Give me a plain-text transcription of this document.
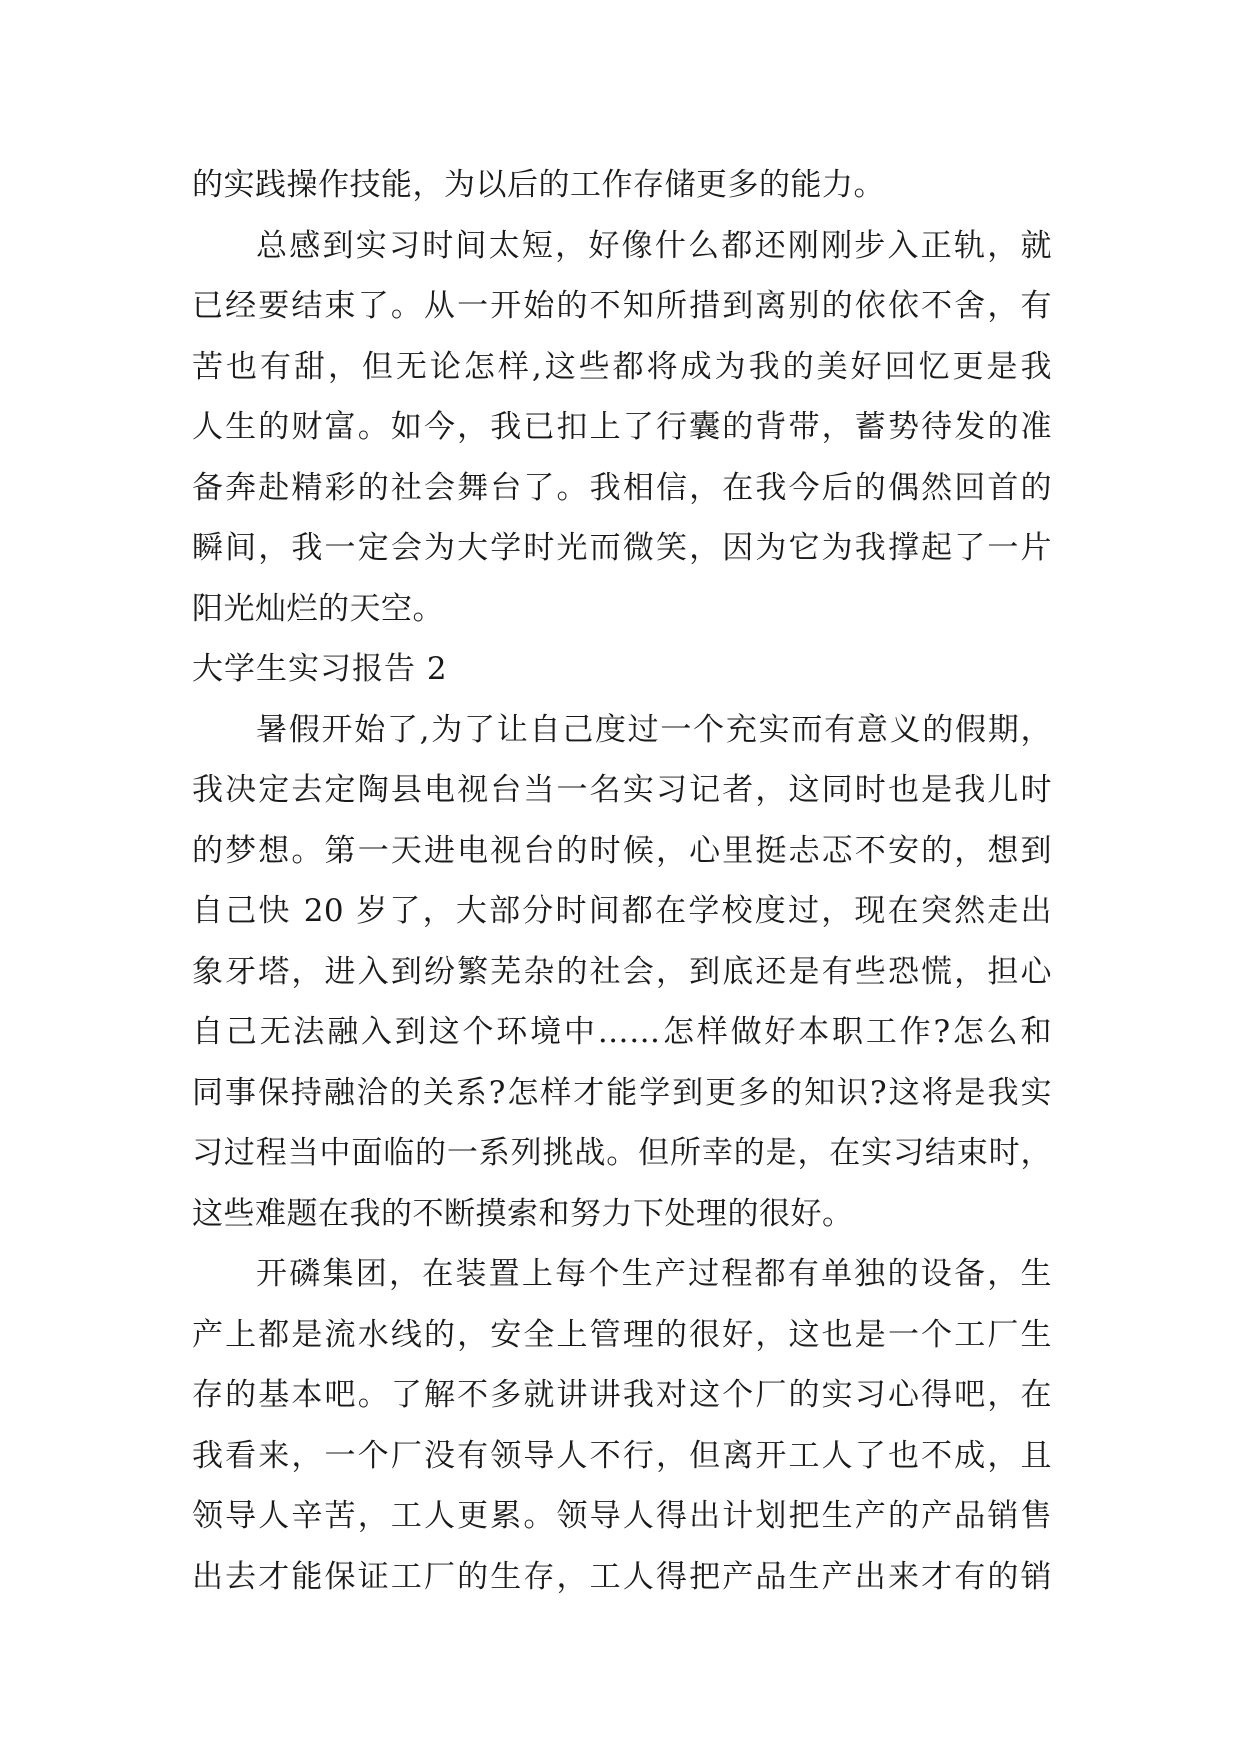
的实践操作技能，为以后的工作存储更多的能力。
总感到实习时间太短，好像什么都还刚刚步入正轨，就
已经要结束了。从一开始的不知所措到离别的依依不舍，有
苦也有甜，但无论怎样,这些都将成为我的美好回忆更是我
人生的财富。如今，我已扣上了行囊的背带，蓄势待发的准
备奔赴精彩的社会舞台了。我相信，在我今后的偶然回首的
瞬间，我一定会为大学时光而微笑，因为它为我撑起了一片
阳光灿烂的天空。
大学生实习报告 2
暑假开始了,为了让自己度过一个充实而有意义的假期，
我决定去定陶县电视台当一名实习记者，这同时也是我儿时
的梦想。第一天进电视台的时候，心里挺忐忑不安的，想到
自己快 20 岁了，大部分时间都在学校度过，现在突然走出
象牙塔，进入到纷繁芜杂的社会，到底还是有些恐慌，担心
自己无法融入到这个环境中……怎样做好本职工作?怎么和
同事保持融洽的关系?怎样才能学到更多的知识?这将是我实
习过程当中面临的一系列挑战。但所幸的是，在实习结束时，
这些难题在我的不断摸索和努力下处理的很好。
开磷集团，在装置上每个生产过程都有单独的设备，生
产上都是流水线的，安全上管理的很好，这也是一个工厂生
存的基本吧。了解不多就讲讲我对这个厂的实习心得吧，在
我看来，一个厂没有领导人不行，但离开工人了也不成，且
领导人辛苦，工人更累。领导人得出计划把生产的产品销售
出去才能保证工厂的生存，工人得把产品生产出来才有的销
